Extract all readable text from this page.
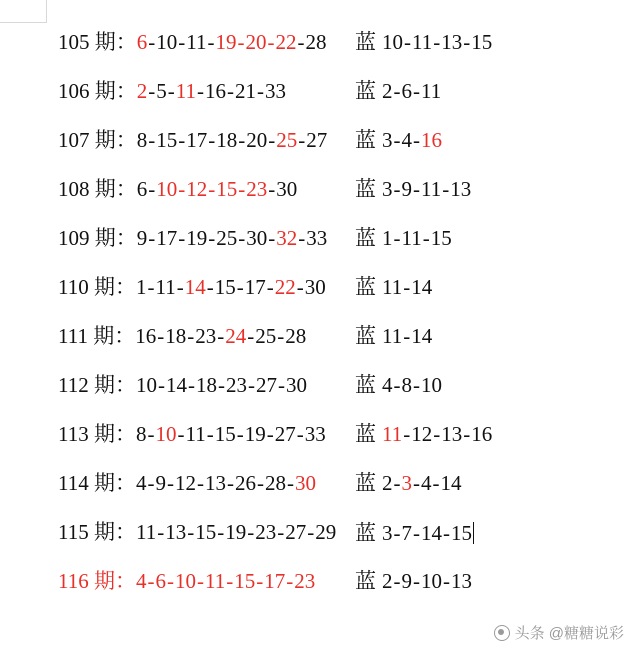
105 期：6-10-11-19-20-22-28	蓝 10-11-13-15
106 期：2-5-11-16-21-33	蓝 2-6-11
107 期：8-15-17-18-20-25-27	蓝 3-4-16
108 期：6-10-12-15-23-30	蓝 3-9-11-13
109 期：9-17-19-25-30-32-33	蓝 1-11-15
110 期：1-11-14-15-17-22-30	蓝 11-14
111 期：16-18-23-24-25-28	蓝 11-14
112 期：10-14-18-23-27-30	蓝 4-8-10
113 期：8-10-11-15-19-27-33	蓝 11-12-13-16
114 期：4-9-12-13-26-28-30	蓝 2-3-4-14
115 期：11-13-15-19-23-27-29 蓝 3-7-14-15
116 期：4-6-10-11-15-17-23	蓝 2-9-10-13
头条 @糖糖说彩
